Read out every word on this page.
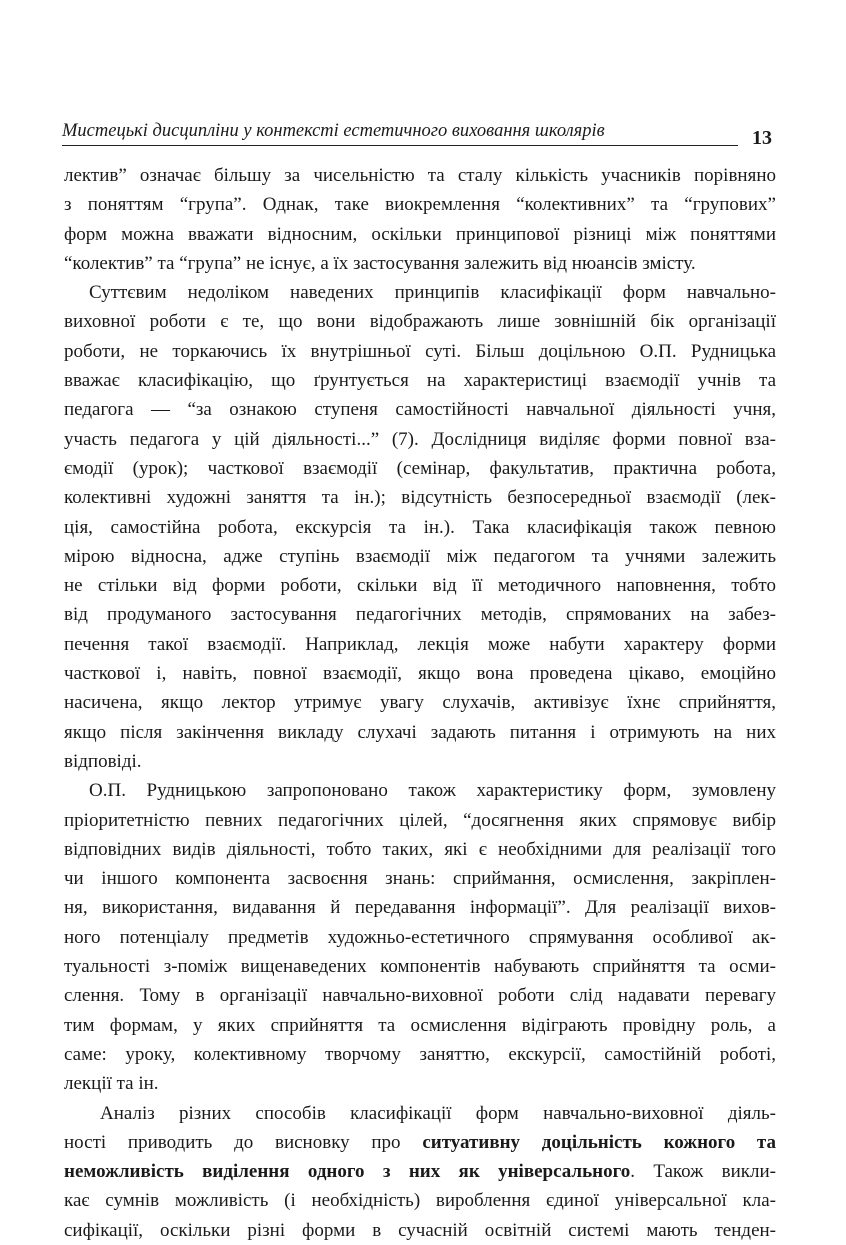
Мистецькі дисципліни у контексті естетичного виховання школярів	13
лектив” означає більшу за чисельністю та сталу кількість учасників порівняно
з поняттям “група”. Однак, таке виокремлення “колективних” та “групових”
форм можна вважати відносним, оскільки принципової різниці між поняттями
“колектив” та “група” не існує, а їх застосування залежить від нюансів змісту.
Суттєвим недоліком наведених принципів класифікації форм навчально-
виховної роботи є те, що вони відображають лише зовнішній бік організації
роботи, не торкаючись їх внутрішньої суті. Більш доцільною О.П. Рудницька
вважає класифікацію, що ґрунтується на характеристиці взаємодії учнів та
педагога — “за ознакою ступеня самостійності навчальної діяльності учня,
участь педагога у цій діяльності...” (7). Дослідниця виділяє форми повної вза-
ємодії (урок); часткової взаємодії (семінар, факультатив, практична робота,
колективні художні заняття та ін.); відсутність безпосередньої взаємодії (лек-
ція, самостійна робота, екскурсія та ін.). Така класифікація також певною
мірою відносна, адже ступінь взаємодії між педагогом та учнями залежить
не стільки від форми роботи, скільки від її методичного наповнення, тобто
від продуманого застосування педагогічних методів, спрямованих на забез-
печення такої взаємодії. Наприклад, лекція може набути характеру форми
часткової і, навіть, повної взаємодії, якщо вона проведена цікаво, емоційно
насичена, якщо лектор утримує увагу слухачів, активізує їхнє сприйняття,
якщо після закінчення викладу слухачі задають питання і отримують на них
відповіді.
О.П. Рудницькою запропоновано також характеристику форм, зумовлену
пріоритетністю певних педагогічних цілей, “досягнення яких спрямовує вибір
відповідних видів діяльності, тобто таких, які є необхідними для реалізації того
чи іншого компонента засвоєння знань: сприймання, осмислення, закріплен-
ня, використання, видавання й передавання інформації”. Для реалізації вихов-
ного потенціалу предметів художньо-естетичного спрямування особливої ак-
туальності з-поміж вищенаведених компонентів набувають сприйняття та осми-
слення. Тому в організації навчально-виховної роботи слід надавати перевагу
тим формам, у яких сприйняття та осмислення відіграють провідну роль, а
саме: уроку, колективному творчому заняттю, екскурсії, самостійній роботі,
лекції та ін.
Аналіз різних способів класифікації форм навчально-виховної діяль-
ності приводить до висновку про ситуативну доцільність кожного та
неможливість виділення одного з них як універсального. Також викли-
кає сумнів можливість (і необхідність) вироблення єдиної універсальної кла-
сифікації, оскільки різні форми в сучасній освітній системі мають тенден-
